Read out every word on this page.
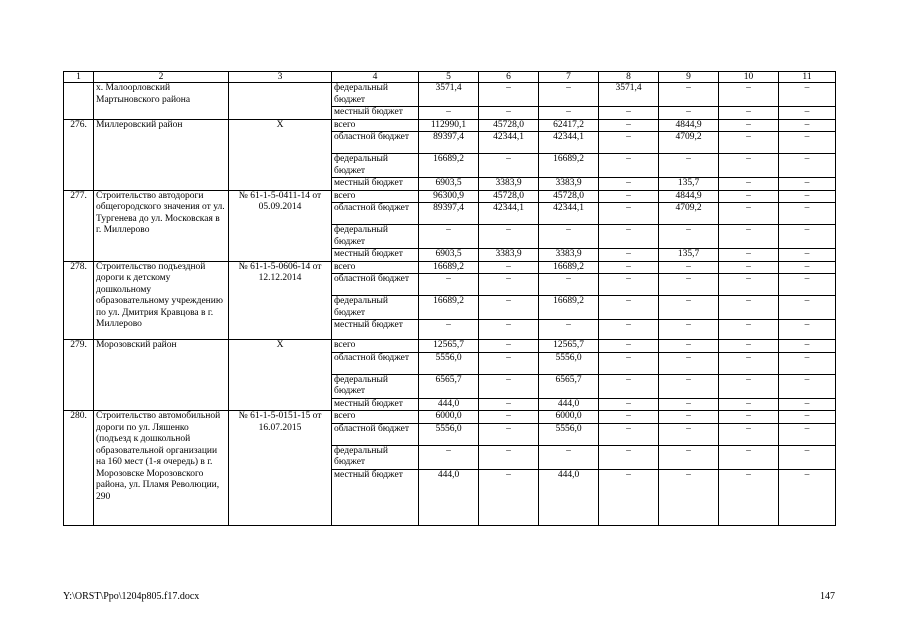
1	2	3	4	5	6	7	8	9	10	11
	х. Малоорловский Мартыновского района		федеральный бюджет	3571,4	–	–	3571,4	–	–	–
			местный бюджет	–	–	–	–	–	–	–
276.	Миллеровский район	X	всего	112990,1	45728,0	62417,2	–	4844,9	–	–
			областной бюджет	89397,4	42344,1	42344,1	–	4709,2	–	–
			федеральный бюджет	16689,2	–	16689,2	–	–	–	–
			местный бюджет	6903,5	3383,9	3383,9	–	135,7	–	–
277.	Строительство автодороги общегородского значения от ул. Тургенева до ул. Московская в г. Миллерово	№ 61-1-5-0411-14 от 05.09.2014	всего	96300,9	45728,0	45728,0	–	4844,9	–	–
			областной бюджет	89397,4	42344,1	42344,1	–	4709,2	–	–
			федеральный бюджет	–	–	–	–	–	–	–
			местный бюджет	6903,5	3383,9	3383,9	–	135,7	–	–
278.	Строительство подъездной дороги к детскому дошкольному образовательному учреждению по ул. Дмитрия Кравцова в г. Миллерово	№ 61-1-5-0606-14 от 12.12.2014	всего	16689,2	–	16689,2	–	–	–	–
			областной бюджет	–	–	–	–	–	–	–
			федеральный бюджет	16689,2	–	16689,2	–	–	–	–
			местный бюджет	–	–	–	–	–	–	–
279.	Морозовский район	X	всего	12565,7	–	12565,7	–	–	–	–
			областной бюджет	5556,0	–	5556,0	–	–	–	–
			федеральный бюджет	6565,7	–	6565,7	–	–	–	–
			местный бюджет	444,0	–	444,0	–	–	–	–
280.	Строительство автомобильной дороги по ул. Ляшенко (подъезд к дошкольной образовательной организации на 160 мест (1-я очередь) в г. Морозовске Морозовского района, ул. Пламя Революции, 290	№ 61-1-5-0151-15 от 16.07.2015	всего	6000,0	–	6000,0	–	–	–	–
			областной бюджет	5556,0	–	5556,0	–	–	–	–
			федеральный бюджет	–	–	–	–	–	–	–
			местный бюджет	444,0	–	444,0	–	–	–	–
Y:\ORST\Ppo\1204p805.f17.docx	147
